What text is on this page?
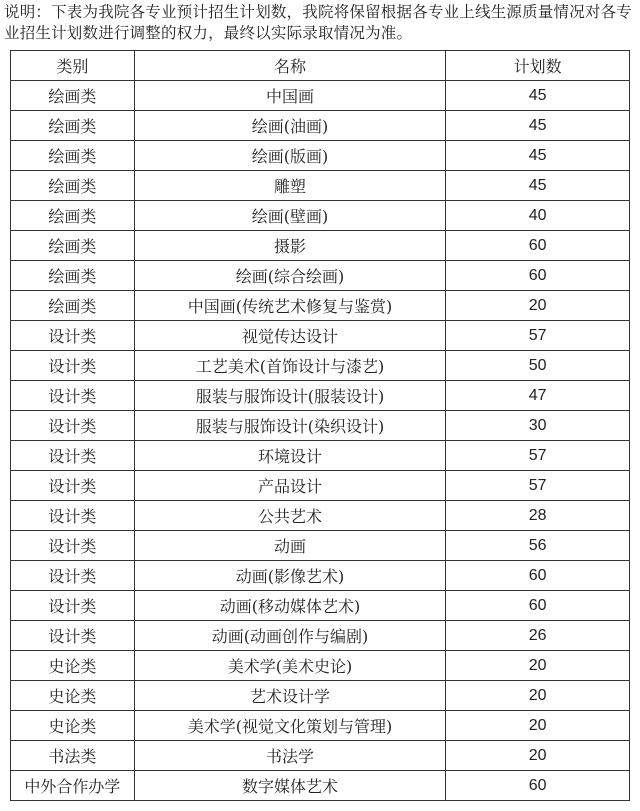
说明：下表为我院各专业预计招生计划数，我院将保留根据各专业上线生源质量情况对各专业招生计划数进行调整的权力，最终以实际录取情况为准。
类别	名称	计划数
绘画类	中国画	45
绘画类	绘画(油画)	45
绘画类	绘画(版画)	45
绘画类	雕塑	45
绘画类	绘画(壁画)	40
绘画类	摄影	60
绘画类	绘画(综合绘画)	60
绘画类	中国画(传统艺术修复与鉴赏)	20
设计类	视觉传达设计	57
设计类	工艺美术(首饰设计与漆艺)	50
设计类	服装与服饰设计(服装设计)	47
设计类	服装与服饰设计(染织设计)	30
设计类	环境设计	57
设计类	产品设计	57
设计类	公共艺术	28
设计类	动画	56
设计类	动画(影像艺术)	60
设计类	动画(移动媒体艺术)	60
设计类	动画(动画创作与编剧)	26
史论类	美术学(美术史论)	20
史论类	艺术设计学	20
史论类	美术学(视觉文化策划与管理)	20
书法类	书法学	20
中外合作办学	数字媒体艺术	60
